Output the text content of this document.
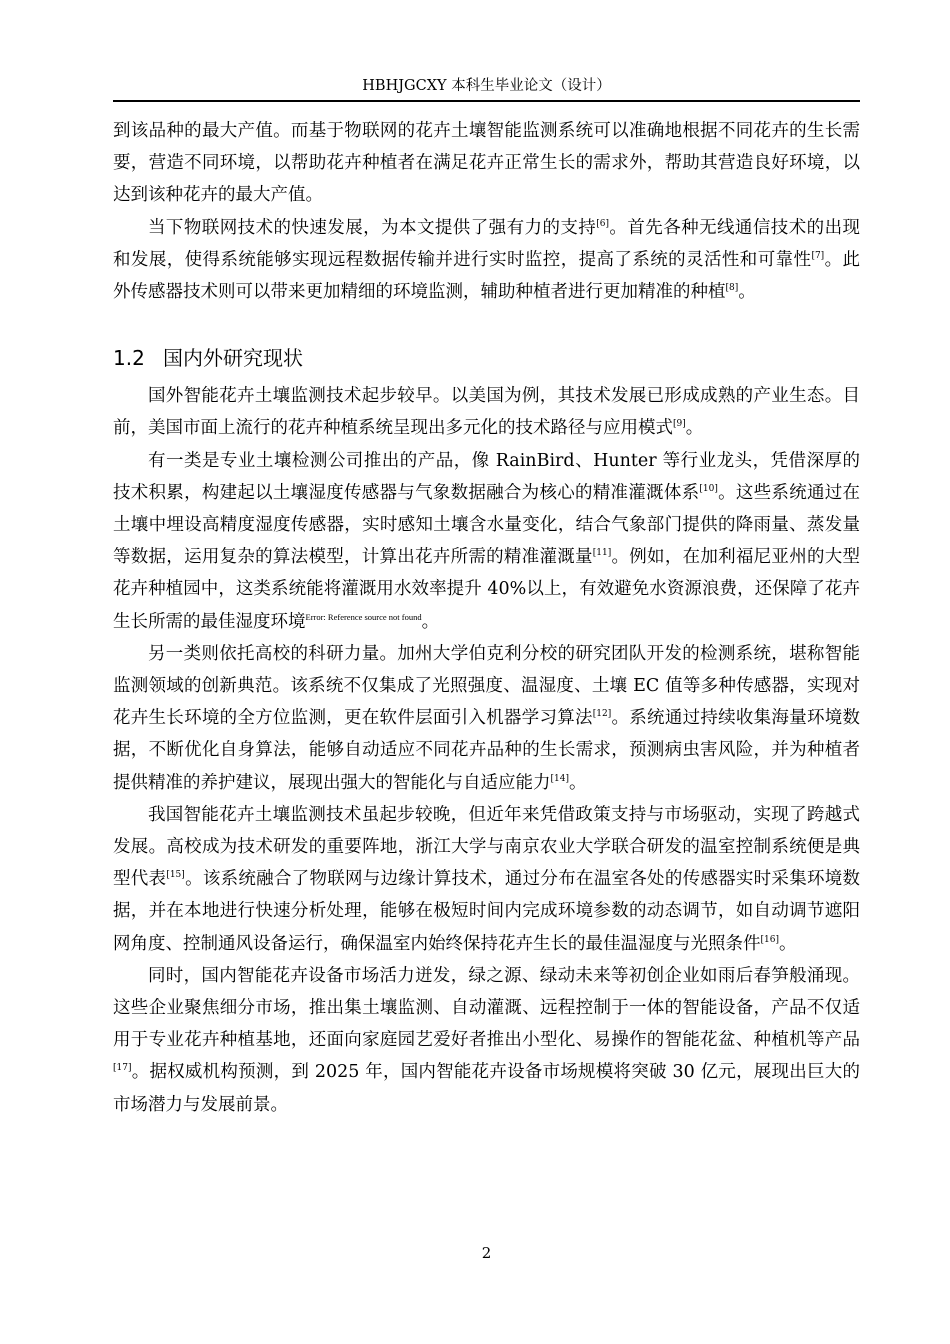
HBHJGCXY 本科生毕业论文（设计）

到该品种的最大产值。而基于物联网的花卉土壤智能监测系统可以准确地根据不同花卉的生长需要，营造不同环境，以帮助花卉种植者在满足花卉正常生长的需求外，帮助其营造良好环境，以达到该种花卉的最大产值。

当下物联网技术的快速发展，为本文提供了强有力的支持[6]。首先各种无线通信技术的出现和发展，使得系统能够实现远程数据传输并进行实时监控，提高了系统的灵活性和可靠性[7]。此外传感器技术则可以带来更加精细的环境监测，辅助种植者进行更加精准的种植[8]。

1.2 国内外研究现状

国外智能花卉土壤监测技术起步较早。以美国为例，其技术发展已形成成熟的产业生态。目前，美国市面上流行的花卉种植系统呈现出多元化的技术路径与应用模式[9]。

有一类是专业土壤检测公司推出的产品，像 RainBird、Hunter 等行业龙头，凭借深厚的技术积累，构建起以土壤湿度传感器与气象数据融合为核心的精准灌溉体系[10]。这些系统通过在土壤中埋设高精度湿度传感器，实时感知土壤含水量变化，结合气象部门提供的降雨量、蒸发量等数据，运用复杂的算法模型，计算出花卉所需的精准灌溉量[11]。例如，在加利福尼亚州的大型花卉种植园中，这类系统能将灌溉用水效率提升 40%以上，有效避免水资源浪费，还保障了花卉生长所需的最佳湿度环境$^{Error: Reference source not found}$。

另一类则依托高校的科研力量。加州大学伯克利分校的研究团队开发的检测系统，堪称智能监测领域的创新典范。该系统不仅集成了光照强度、温湿度、土壤 EC 值等多种传感器，实现对花卉生长环境的全方位监测，更在软件层面引入机器学习算法[12]。系统通过持续收集海量环境数据，不断优化自身算法，能够自动适应不同花卉品种的生长需求，预测病虫害风险，并为种植者提供精准的养护建议，展现出强大的智能化与自适应能力[14]。

我国智能花卉土壤监测技术虽起步较晚，但近年来凭借政策支持与市场驱动，实现了跨越式发展。高校成为技术研发的重要阵地，浙江大学与南京农业大学联合研发的温室控制系统便是典型代表[15]。该系统融合了物联网与边缘计算技术，通过分布在温室各处的传感器实时采集环境数据，并在本地进行快速分析处理，能够在极短时间内完成环境参数的动态调节，如自动调节遮阳网角度、控制通风设备运行，确保温室内始终保持花卉生长的最佳温湿度与光照条件[16]。

同时，国内智能花卉设备市场活力迸发，绿之源、绿动未来等初创企业如雨后春笋般涌现。这些企业聚焦细分市场，推出集土壤监测、自动灌溉、远程控制于一体的智能设备，产品不仅适用于专业花卉种植基地，还面向家庭园艺爱好者推出小型化、易操作的智能花盆、种植机等产品[17]。据权威机构预测，到 2025 年，国内智能花卉设备市场规模将突破 30 亿元，展现出巨大的市场潜力与发展前景。

2
